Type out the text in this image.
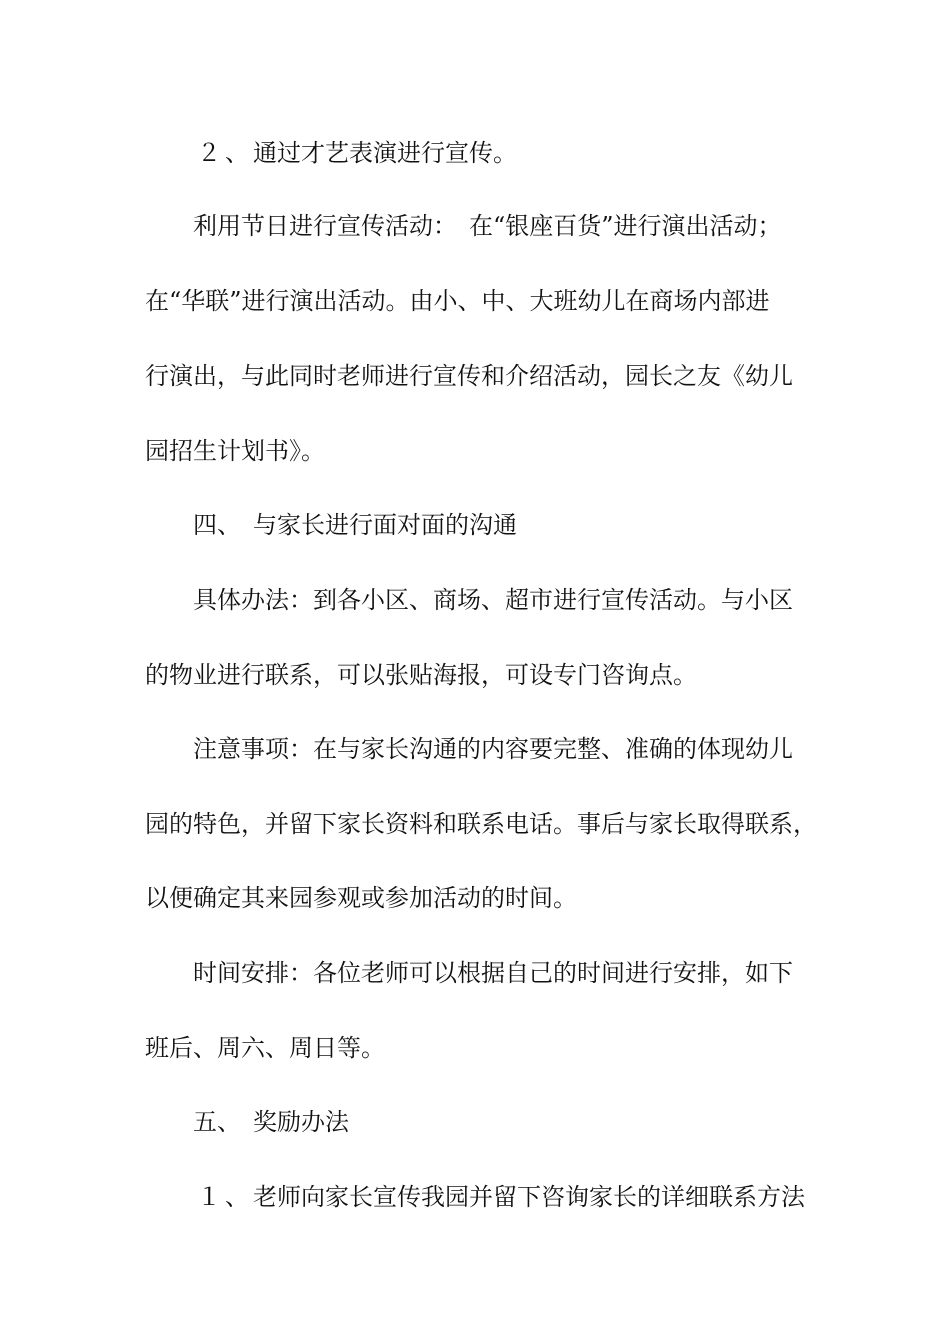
２ 、 通过才艺表演进行宣传。
利用节日进行宣传活动：　在“银座百货”进行演出活动；
在“华联”进行演出活动。由小、中、大班幼儿在商场内部进
行演出，与此同时老师进行宣传和介绍活动，园长之友《幼儿
园招生计划书》。
四、　与家长进行面对面的沟通
具体办法：到各小区、商场、超市进行宣传活动。与小区
的物业进行联系，可以张贴海报，可设专门咨询点。
注意事项：在与家长沟通的内容要完整、准确的体现幼儿
园的特色，并留下家长资料和联系电话。事后与家长取得联系，
以便确定其来园参观或参加活动的时间。
时间安排：各位老师可以根据自己的时间进行安排，如下
班后、周六、周日等。
五、　奖励办法
１ 、 老师向家长宣传我园并留下咨询家长的详细联系方法
